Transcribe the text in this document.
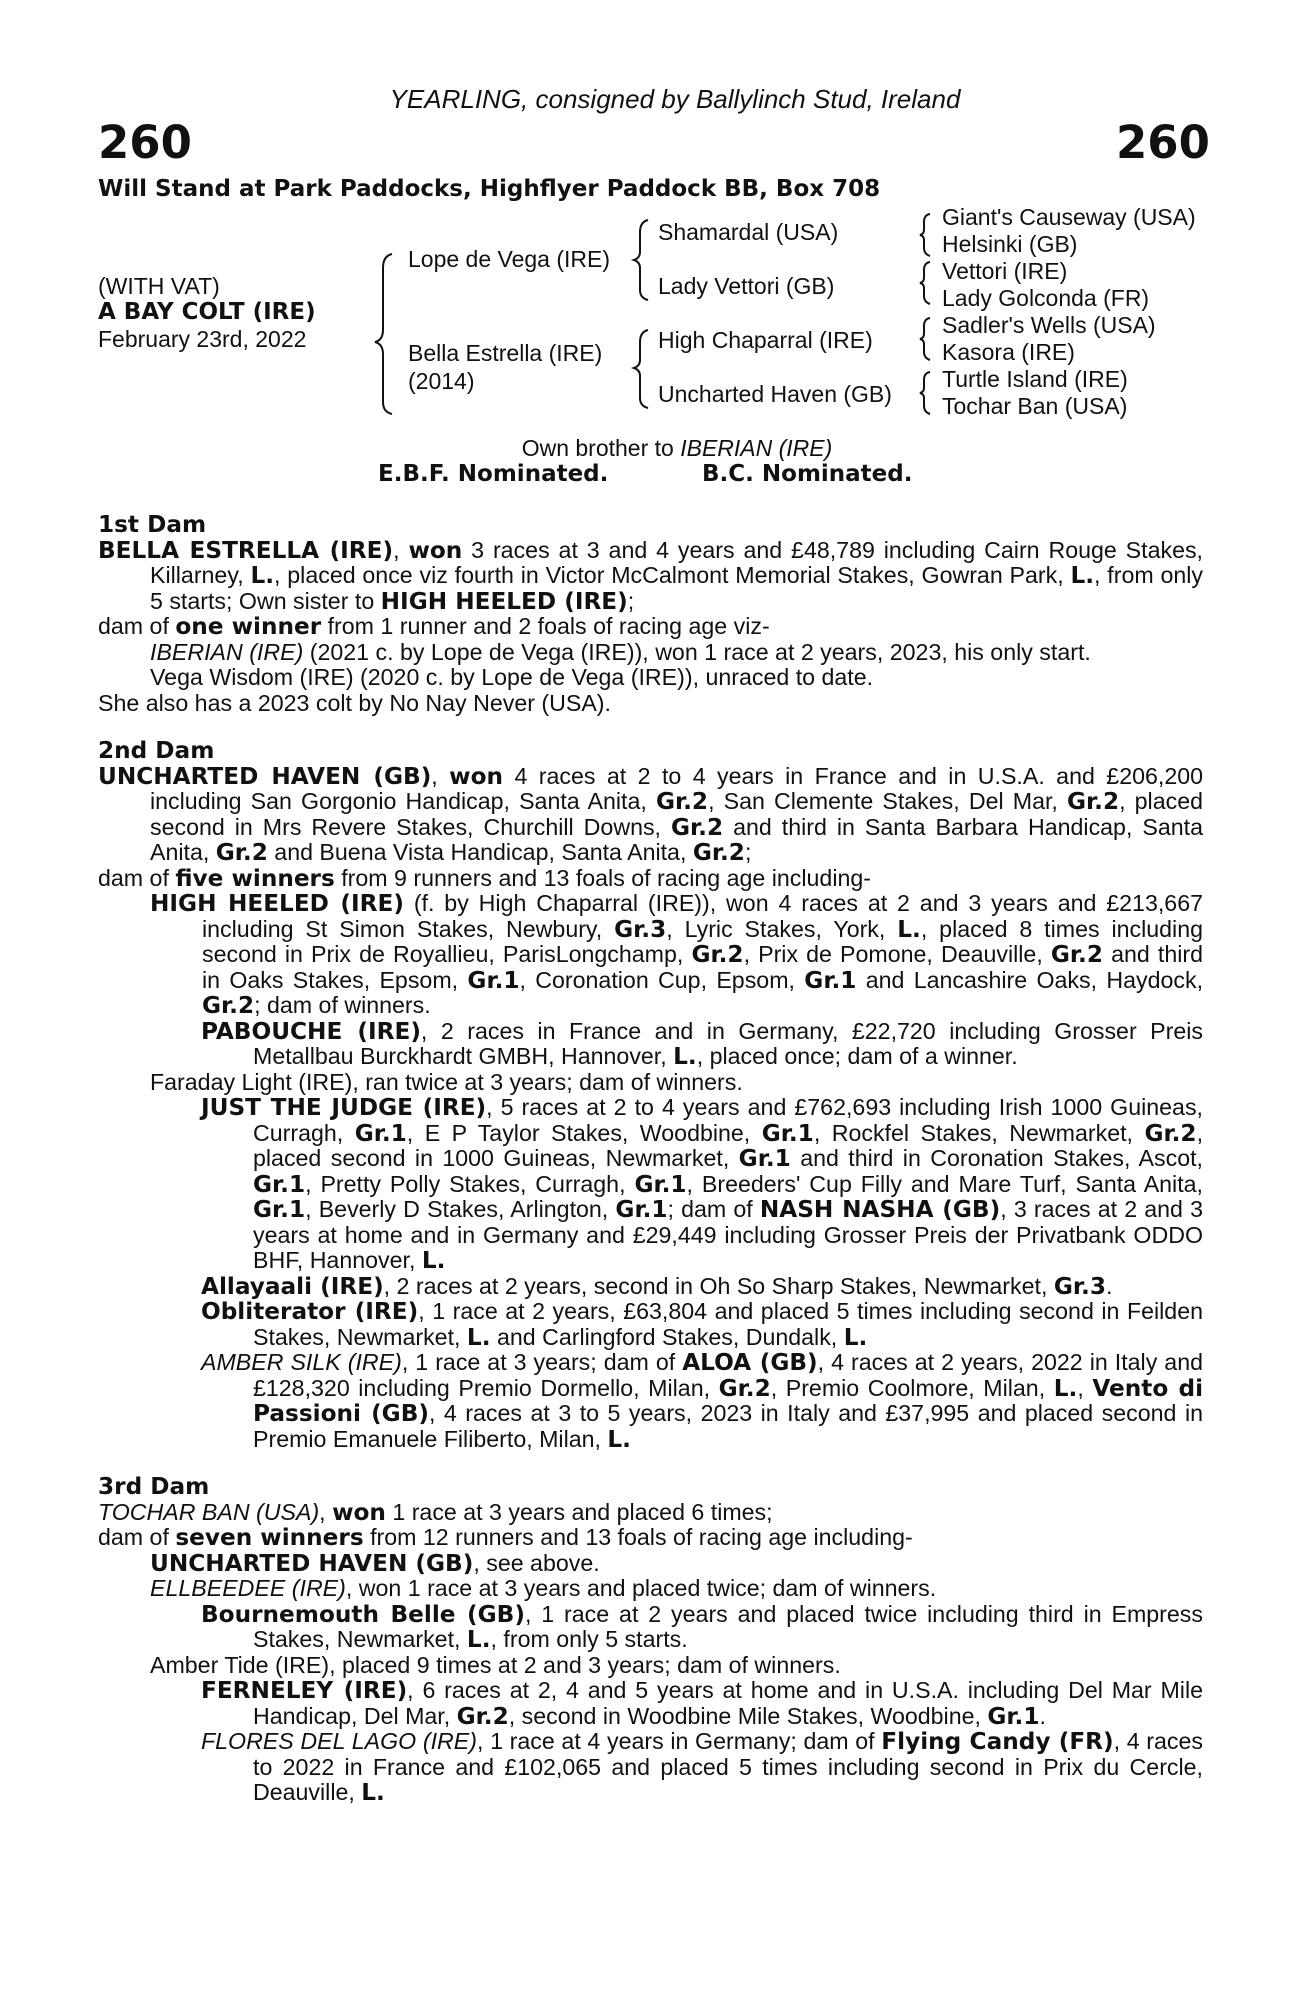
YEARLING, consigned by Ballylinch Stud, Ireland
260	260
Will Stand at Park Paddocks, Highflyer Paddock BB, Box 708
(WITH VAT)
A BAY COLT (IRE)
February 23rd, 2022
Lope de Vega (IRE)
Bella Estrella (IRE)
(2014)
Shamardal (USA)
Lady Vettori (GB)
High Chaparral (IRE)
Uncharted Haven (GB)
Giant's Causeway (USA)
Helsinki (GB)
Vettori (IRE)
Lady Golconda (FR)
Sadler's Wells (USA)
Kasora (IRE)
Turtle Island (IRE)
Tochar Ban (USA)
Own brother to IBERIAN (IRE)
E.B.F. Nominated.	B.C. Nominated.

1st Dam

BELLA ESTRELLA (IRE), won 3 races at 3 and 4 years and £48,789 including Cairn Rouge Stakes, Killarney, L., placed once viz fourth in Victor McCalmont Memorial Stakes, Gowran Park, L., from only 5 starts; Own sister to HIGH HEELED (IRE);

dam of one winner from 1 runner and 2 foals of racing age viz-

IBERIAN (IRE) (2021 c. by Lope de Vega (IRE)), won 1 race at 2 years, 2023, his only start.

Vega Wisdom (IRE) (2020 c. by Lope de Vega (IRE)), unraced to date.

She also has a 2023 colt by No Nay Never (USA).

2nd Dam

UNCHARTED HAVEN (GB), won 4 races at 2 to 4 years in France and in U.S.A. and £206,200 including San Gorgonio Handicap, Santa Anita, Gr.2, San Clemente Stakes, Del Mar, Gr.2, placed second in Mrs Revere Stakes, Churchill Downs, Gr.2 and third in Santa Barbara Handicap, Santa Anita, Gr.2 and Buena Vista Handicap, Santa Anita, Gr.2;

dam of five winners from 9 runners and 13 foals of racing age including-

HIGH HEELED (IRE) (f. by High Chaparral (IRE)), won 4 races at 2 and 3 years and £213,667 including St Simon Stakes, Newbury, Gr.3, Lyric Stakes, York, L., placed 8 times including second in Prix de Royallieu, ParisLongchamp, Gr.2, Prix de Pomone, Deauville, Gr.2 and third in Oaks Stakes, Epsom, Gr.1, Coronation Cup, Epsom, Gr.1 and Lancashire Oaks, Haydock, Gr.2; dam of winners.

PABOUCHE (IRE), 2 races in France and in Germany, £22,720 including Grosser Preis Metallbau Burckhardt GMBH, Hannover, L., placed once; dam of a winner.

Faraday Light (IRE), ran twice at 3 years; dam of winners.

JUST THE JUDGE (IRE), 5 races at 2 to 4 years and £762,693 including Irish 1000 Guineas, Curragh, Gr.1, E P Taylor Stakes, Woodbine, Gr.1, Rockfel Stakes, Newmarket, Gr.2, placed second in 1000 Guineas, Newmarket, Gr.1 and third in Coronation Stakes, Ascot, Gr.1, Pretty Polly Stakes, Curragh, Gr.1, Breeders' Cup Filly and Mare Turf, Santa Anita, Gr.1, Beverly D Stakes, Arlington, Gr.1; dam of NASH NASHA (GB), 3 races at 2 and 3 years at home and in Germany and £29,449 including Grosser Preis der Privatbank ODDO BHF, Hannover, L.

Allayaali (IRE), 2 races at 2 years, second in Oh So Sharp Stakes, Newmarket, Gr.3.

Obliterator (IRE), 1 race at 2 years, £63,804 and placed 5 times including second in Feilden Stakes, Newmarket, L. and Carlingford Stakes, Dundalk, L.

AMBER SILK (IRE), 1 race at 3 years; dam of ALOA (GB), 4 races at 2 years, 2022 in Italy and £128,320 including Premio Dormello, Milan, Gr.2, Premio Coolmore, Milan, L., Vento di Passioni (GB), 4 races at 3 to 5 years, 2023 in Italy and £37,995 and placed second in Premio Emanuele Filiberto, Milan, L.

3rd Dam

TOCHAR BAN (USA), won 1 race at 3 years and placed 6 times;

dam of seven winners from 12 runners and 13 foals of racing age including-

UNCHARTED HAVEN (GB), see above.

ELLBEEDEE (IRE), won 1 race at 3 years and placed twice; dam of winners.

Bournemouth Belle (GB), 1 race at 2 years and placed twice including third in Empress Stakes, Newmarket, L., from only 5 starts.

Amber Tide (IRE), placed 9 times at 2 and 3 years; dam of winners.

FERNELEY (IRE), 6 races at 2, 4 and 5 years at home and in U.S.A. including Del Mar Mile Handicap, Del Mar, Gr.2, second in Woodbine Mile Stakes, Woodbine, Gr.1.

FLORES DEL LAGO (IRE), 1 race at 4 years in Germany; dam of Flying Candy (FR), 4 races to 2022 in France and £102,065 and placed 5 times including second in Prix du Cercle, Deauville, L.
